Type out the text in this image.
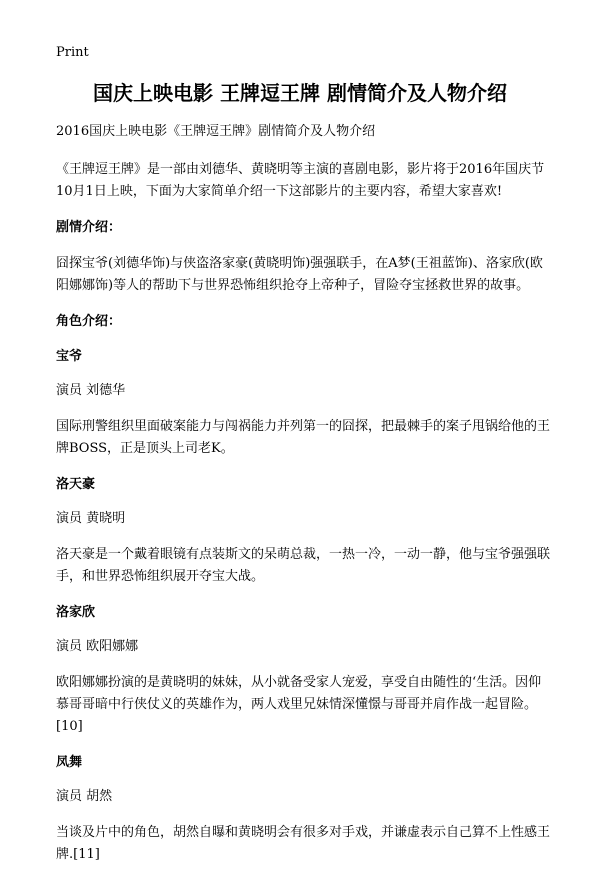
Print
国庆上映电影 王牌逗王牌 剧情简介及人物介绍

2016国庆上映电影《王牌逗王牌》剧情简介及人物介绍

《王牌逗王牌》是一部由刘德华、黄晓明等主演的喜剧电影，影片将于2016年国庆节10月1日上映，下面为大家简单介绍一下这部影片的主要内容，希望大家喜欢!

剧情介绍：

囧探宝爷(刘德华饰)与侠盗洛家豪(黄晓明饰)强强联手，在A梦(王祖蓝饰)、洛家欣(欧阳娜娜饰)等人的帮助下与世界恐怖组织抢夺上帝种子，冒险夺宝拯救世界的故事。

角色介绍：
宝爷
演员 刘德华

国际刑警组织里面破案能力与闯祸能力并列第一的囧探，把最棘手的案子甩锅给他的王牌BOSS，正是顶头上司老K。

洛天豪
演员 黄晓明

洛天豪是一个戴着眼镜有点装斯文的呆萌总裁，一热一冷，一动一静，他与宝爷强强联手，和世界恐怖组织展开夺宝大战。

洛家欣
演员 欧阳娜娜

欧阳娜娜扮演的是黄晓明的妹妹，从小就备受家人宠爱，享受自由随性的‘生活。因仰慕哥哥暗中行侠仗义的英雄作为，两人戏里兄妹情深懂憬与哥哥并肩作战一起冒险。[10]

凤舞
演员 胡然

当谈及片中的角色，胡然自曝和黄晓明会有很多对手戏，并谦虚表示自己算不上性感王牌.[11]
